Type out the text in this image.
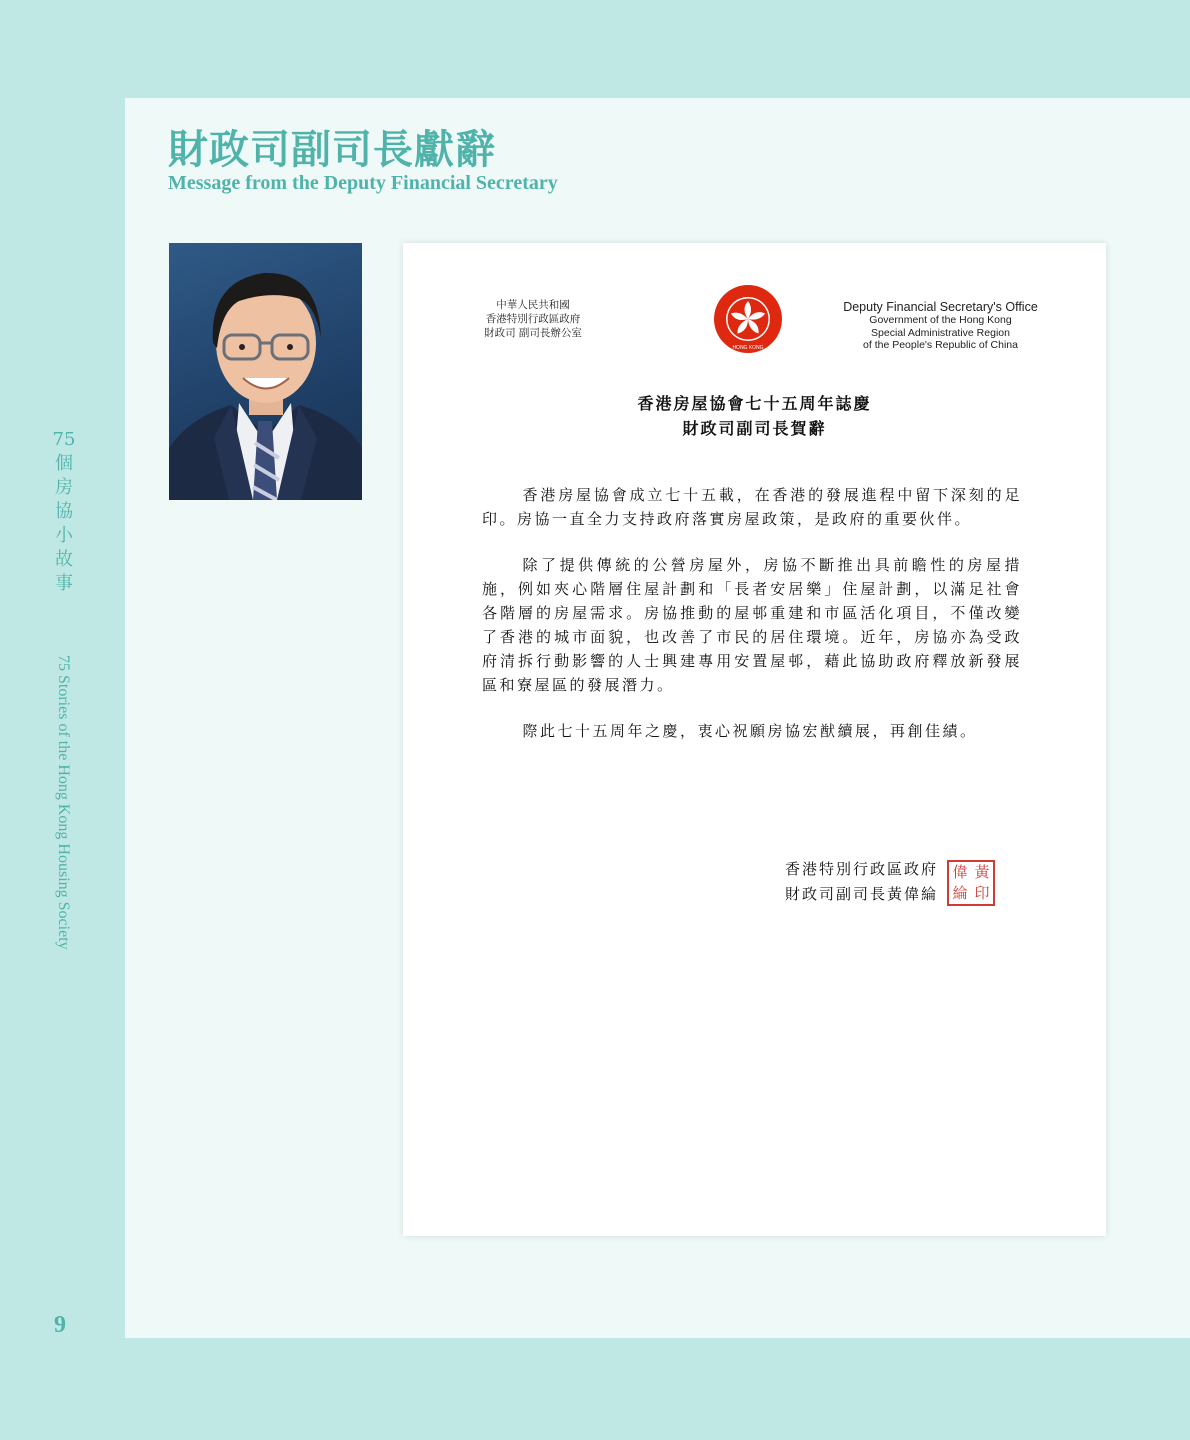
財政司副司長獻辭
Message from the Deputy Financial Secretary
75
個
房
協
小
故
事
75 Stories of the Hong Kong Housing Society
9
中華人民共和國
香港特別行政區政府
財政司 副司長辦公室
HONG KONG
Deputy Financial Secretary's Office
Government of the Hong Kong
Special Administrative Region
of the People's Republic of China
香港房屋協會七十五周年誌慶
財政司副司長賀辭

香港房屋協會成立七十五載，在香港的發展進程中留下深刻的足印。房協一直全力支持政府落實房屋政策，是政府的重要伙伴。

除了提供傳統的公營房屋外，房協不斷推出具前瞻性的房屋措施，例如夾心階層住屋計劃和「長者安居樂」住屋計劃，以滿足社會各階層的房屋需求。房協推動的屋邨重建和市區活化項目，不僅改變了香港的城市面貌，也改善了市民的居住環境。近年，房協亦為受政府清拆行動影響的人士興建專用安置屋邨，藉此協助政府釋放新發展區和寮屋區的發展潛力。

際此七十五周年之慶，衷心祝願房協宏猷續展，再創佳績。

香港特別行政區政府
財政司副司長黃偉綸
偉 黃
綸 印
